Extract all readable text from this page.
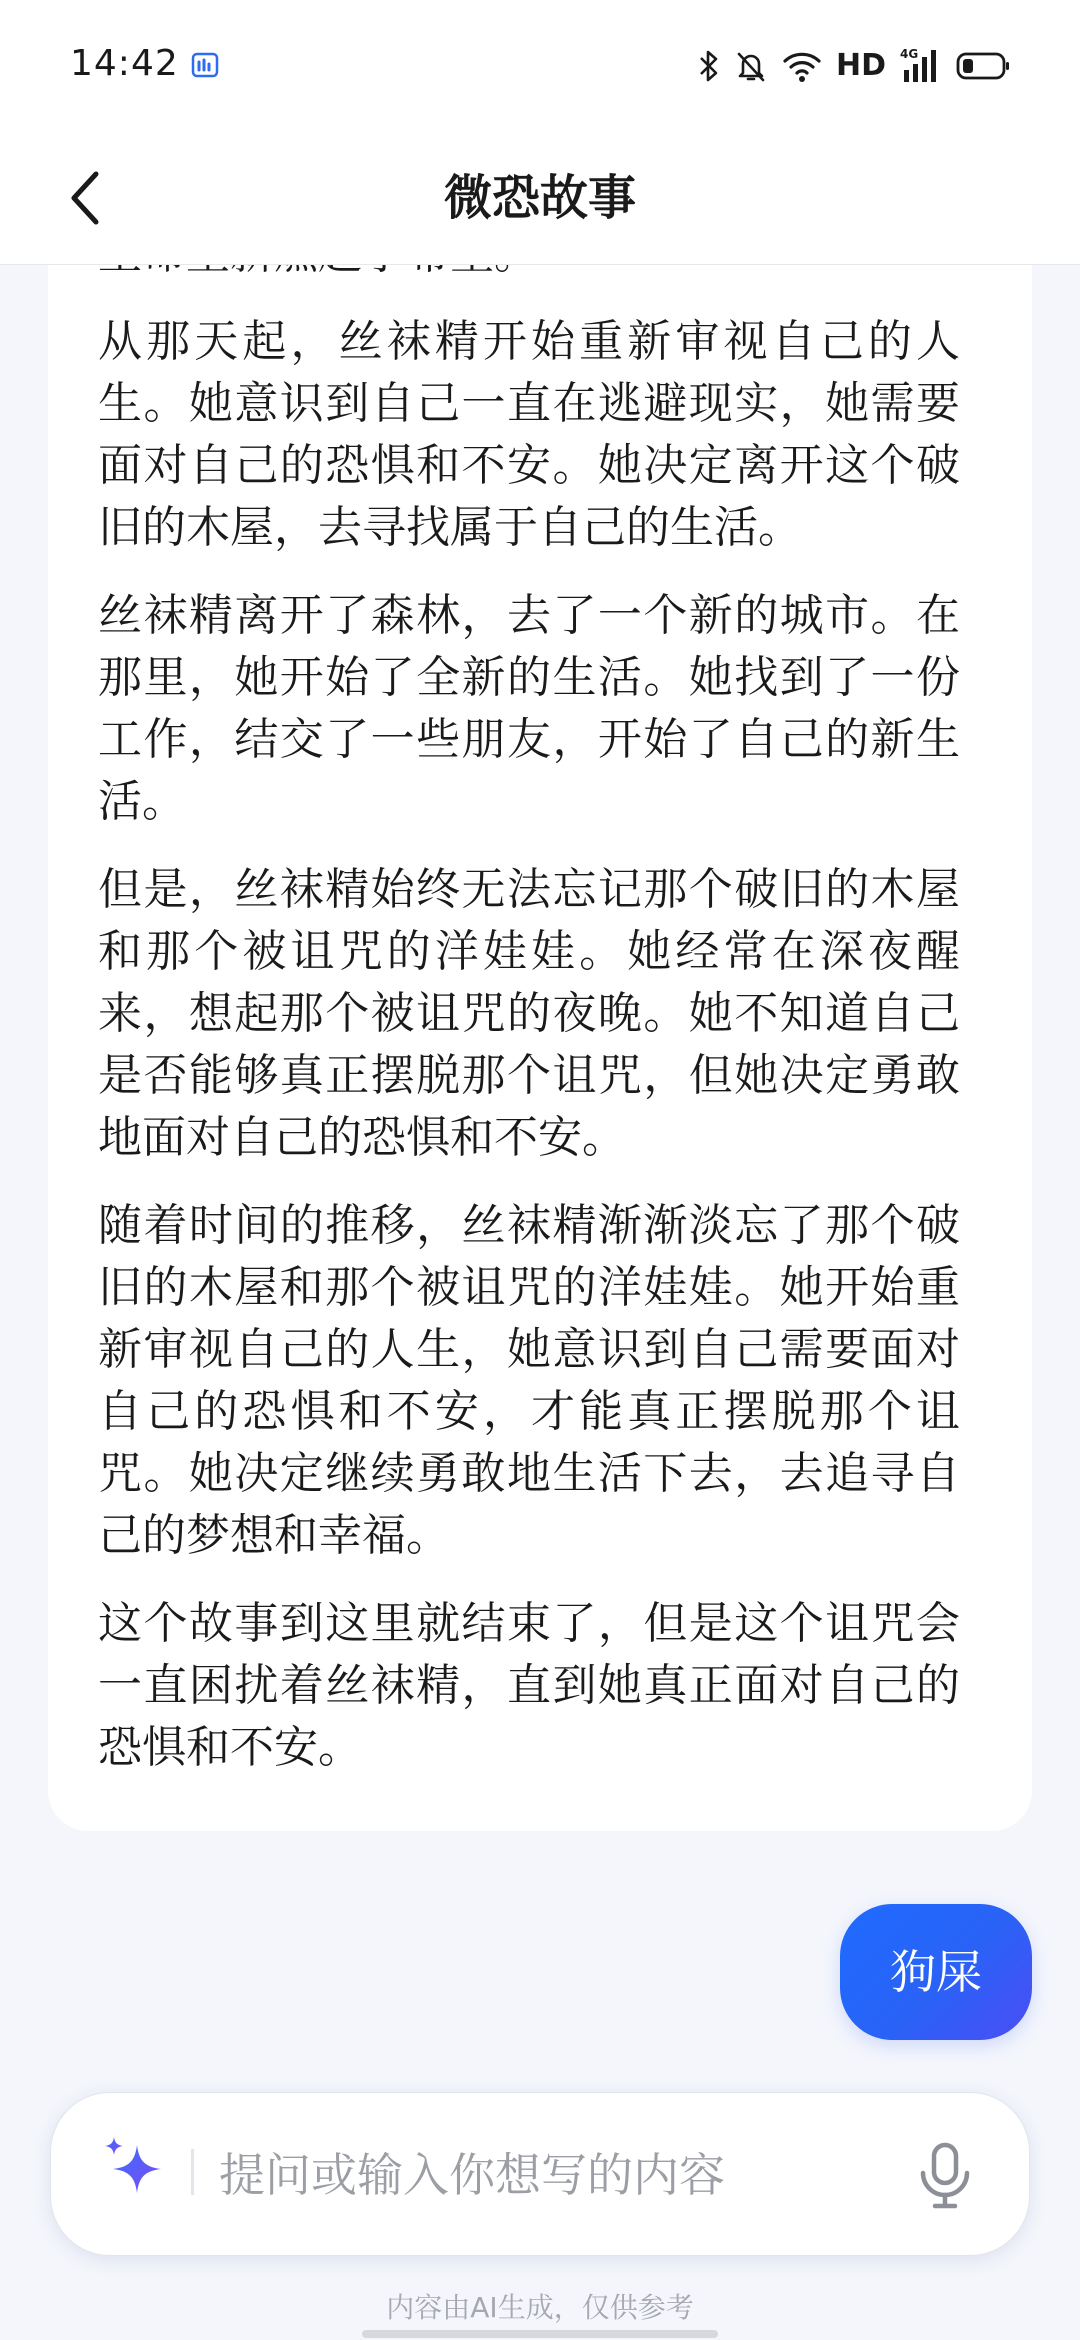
14:42	HD 4G
微恐故事

从那天起，丝袜精开始重新审视自己的人生。她意识到自己一直在逃避现实，她需要面对自己的恐惧和不安。她决定离开这个破旧的木屋，去寻找属于自己的生活。

丝袜精离开了森林，去了一个新的城市。在那里，她开始了全新的生活。她找到了一份工作，结交了一些朋友，开始了自己的新生活。

但是，丝袜精始终无法忘记那个破旧的木屋和那个被诅咒的洋娃娃。她经常在深夜醒来，想起那个被诅咒的夜晚。她不知道自己是否能够真正摆脱那个诅咒，但她决定勇敢地面对自己的恐惧和不安。

随着时间的推移，丝袜精渐渐淡忘了那个破旧的木屋和那个被诅咒的洋娃娃。她开始重新审视自己的人生，她意识到自己需要面对自己的恐惧和不安，才能真正摆脱那个诅咒。她决定继续勇敢地生活下去，去追寻自己的梦想和幸福。

这个故事到这里就结束了，但是这个诅咒会一直困扰着丝袜精，直到她真正面对自己的恐惧和不安。

狗屎
提问或输入你想写的内容
内容由AI生成，仅供参考
